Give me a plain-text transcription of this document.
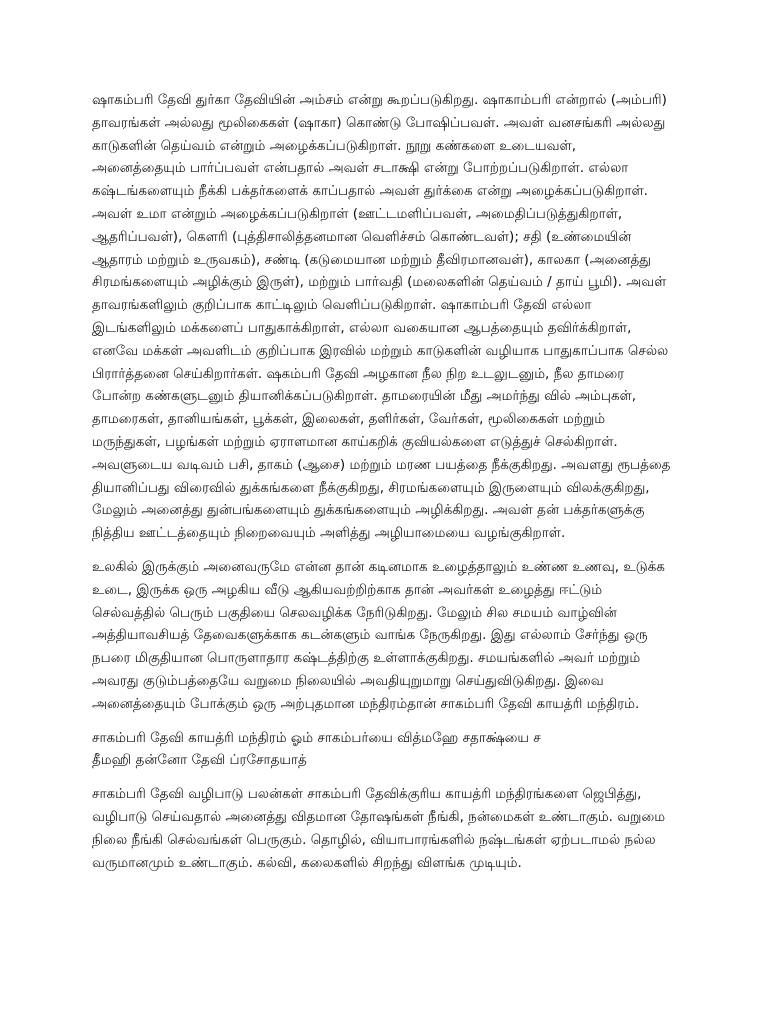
ஷாகம்பரி தேவி துர்கா தேவியின் அம்சம் என்று கூறப்படுகிறது. ஷாகாம்பரி என்றால் (அம்பரி) தாவரங்கள் அல்லது மூலிகைகள் (ஷாகா) கொண்டு போஷிப்பவள். அவள் வனசங்கரி அல்லது காடுகளின் தெய்வம் என்றும் அழைக்கப்படுகிறாள். நூறு கண்களை உடையவள், அனைத்தையும் பார்ப்பவள் என்பதால் அவள் சடாக்ஷி என்று போற்றப்படுகிறாள். எல்லா கஷ்டங்களையும் நீக்கி பக்தர்களைக் காப்பதால் அவள் துர்க்கை என்று அழைக்கப்படுகிறாள். அவள் உமா என்றும் அழைக்கப்படுகிறாள் (ஊட்டமளிப்பவள், அமைதிப்படுத்துகிறாள், ஆதரிப்பவள்), கௌரி (புத்திசாலித்தனமான வெளிச்சம் கொண்டவள்); சதி (உண்மையின் ஆதாரம் மற்றும் உருவகம்), சண்டி (கடுமையான மற்றும் தீவிரமானவள்), காலகா (அனைத்து சிரமங்களையும் அழிக்கும் இருள்), மற்றும் பார்வதி (மலைகளின் தெய்வம் / தாய் பூமி). அவள் தாவரங்களிலும் குறிப்பாக காட்டிலும் வெளிப்படுகிறாள். ஷாகாம்பரி தேவி எல்லா இடங்களிலும் மக்களைப் பாதுகாக்கிறாள், எல்லா வகையான ஆபத்தையும் தவிர்க்கிறாள், எனவே மக்கள் அவளிடம் குறிப்பாக இரவில் மற்றும் காடுகளின் வழியாக பாதுகாப்பாக செல்ல பிரார்த்தனை செய்கிறார்கள். ஷகம்பரி தேவி அழகான நீல நிற உடலுடனும், நீல தாமரை போன்ற கண்களுடனும் தியானிக்கப்படுகிறாள். தாமரையின் மீது அமர்ந்து வில் அம்புகள், தாமரைகள், தானியங்கள், பூக்கள், இலைகள், தளிர்கள், வேர்கள், மூலிகைகள் மற்றும் மருந்துகள், பழங்கள் மற்றும் ஏராளமான காய்கறிக் குவியல்களை எடுத்துச் செல்கிறாள். அவளுடைய வடிவம் பசி, தாகம் (ஆசை) மற்றும் மரண பயத்தை நீக்குகிறது. அவளது ரூபத்தை தியானிப்பது விரைவில் துக்கங்களை நீக்குகிறது, சிரமங்களையும் இருளையும் விலக்குகிறது, மேலும் அனைத்து துன்பங்களையும் துக்கங்களையும் அழிக்கிறது. அவள் தன் பக்தர்களுக்கு நித்திய ஊட்டத்தையும் நிறைவையும் அளித்து அழியாமையை வழங்குகிறாள்.

உலகில் இருக்கும் அனைவருமே என்ன தான் கடினமாக உழைத்தாலும் உண்ண உணவு, உடுக்க உடை, இருக்க ஒரு அழகிய வீடு ஆகியவற்றிற்காக தான் அவர்கள் உழைத்து ஈட்டும் செல்வத்தில் பெரும் பகுதியை செலவழிக்க நேரிடுகிறது. மேலும் சில சமயம் வாழ்வின் அத்தியாவசியத் தேவைகளுக்காக கடன்களும் வாங்க நேருகிறது. இது எல்லாம் சேர்ந்து ஒரு நபரை மிகுதியான பொருளாதார கஷ்டத்திற்கு உள்ளாக்குகிறது. சமயங்களில் அவர் மற்றும் அவரது குடும்பத்தையே வறுமை நிலையில் அவதியுறுமாறு செய்துவிடுகிறது. இவை அனைத்தையும் போக்கும் ஒரு அற்புதமான மந்திரம்தான் சாகம்பரி தேவி காயத்ரி மந்திரம்.

சாகம்பரி தேவி காயத்ரி மந்திரம் ஓம் சாகம்பர்யை வித்மஹே சதாக்ஷ்யை ச
தீமஹி தன்னோ தேவி ப்ரசோதயாத்

சாகம்பரி தேவி வழிபாடு பலன்கள் சாகம்பரி தேவிக்குரிய காயத்ரி மந்திரங்களை ஜெபித்து, வழிபாடு செய்வதால் அனைத்து விதமான தோஷங்கள் நீங்கி, நன்மைகள் உண்டாகும். வறுமை நிலை நீங்கி செல்வங்கள் பெருகும். தொழில், வியாபாரங்களில் நஷ்டங்கள் ஏற்படாமல் நல்ல வருமானமும் உண்டாகும். கல்வி, கலைகளில் சிறந்து விளங்க முடியும்.
